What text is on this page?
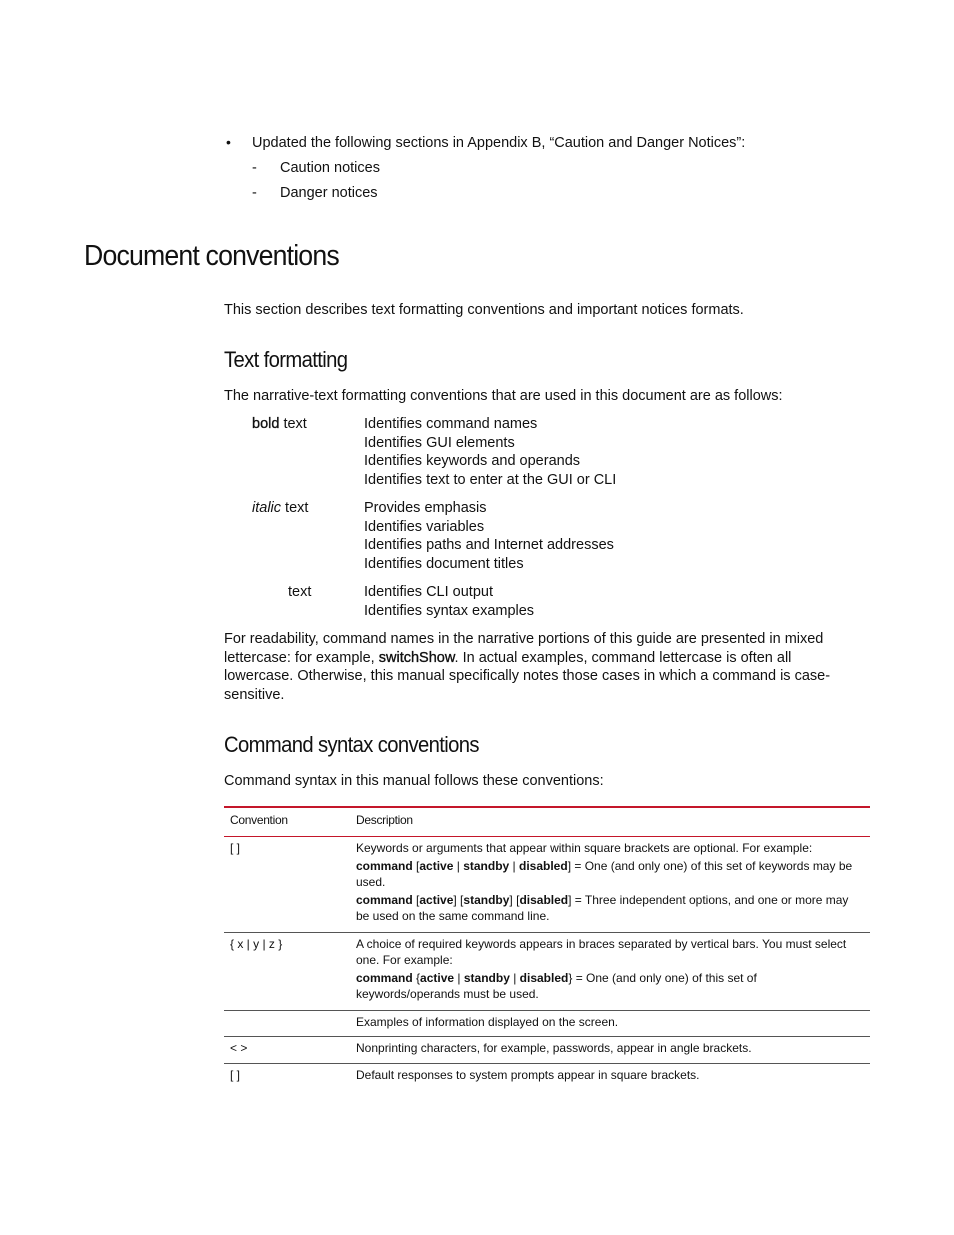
• Updated the following sections in Appendix B, “Caution and Danger Notices”:
- Caution notices
- Danger notices
Document conventions
This section describes text formatting conventions and important notices formats.
Text formatting
The narrative-text formatting conventions that are used in this document are as follows:
bold text	Identifies command names
Identifies GUI elements
Identifies keywords and operands
Identifies text to enter at the GUI or CLI
italic text	Provides emphasis
Identifies variables
Identifies paths and Internet addresses
Identifies document titles
text	Identifies CLI output
Identifies syntax examples
For readability, command names in the narrative portions of this guide are presented in mixed lettercase: for example, switchShow. In actual examples, command lettercase is often all lowercase. Otherwise, this manual specifically notes those cases in which a command is case-sensitive.
Command syntax conventions
Command syntax in this manual follows these conventions:
Convention	Description
[ ]	Keywords or arguments that appear within square brackets are optional. For example:

command [active | standby | disabled] = One (and only one) of this set of keywords may be used.

command [active] [standby] [disabled] = Three independent options, and one or more may be used on the same command line.

{ x | y | z }	A choice of required keywords appears in braces separated by vertical bars. You must select one. For example:

command {active | standby | disabled} = One (and only one) of this set of keywords/operands must be used.

	Examples of information displayed on the screen.
< >	Nonprinting characters, for example, passwords, appear in angle brackets.
[ ]	Default responses to system prompts appear in square brackets.
